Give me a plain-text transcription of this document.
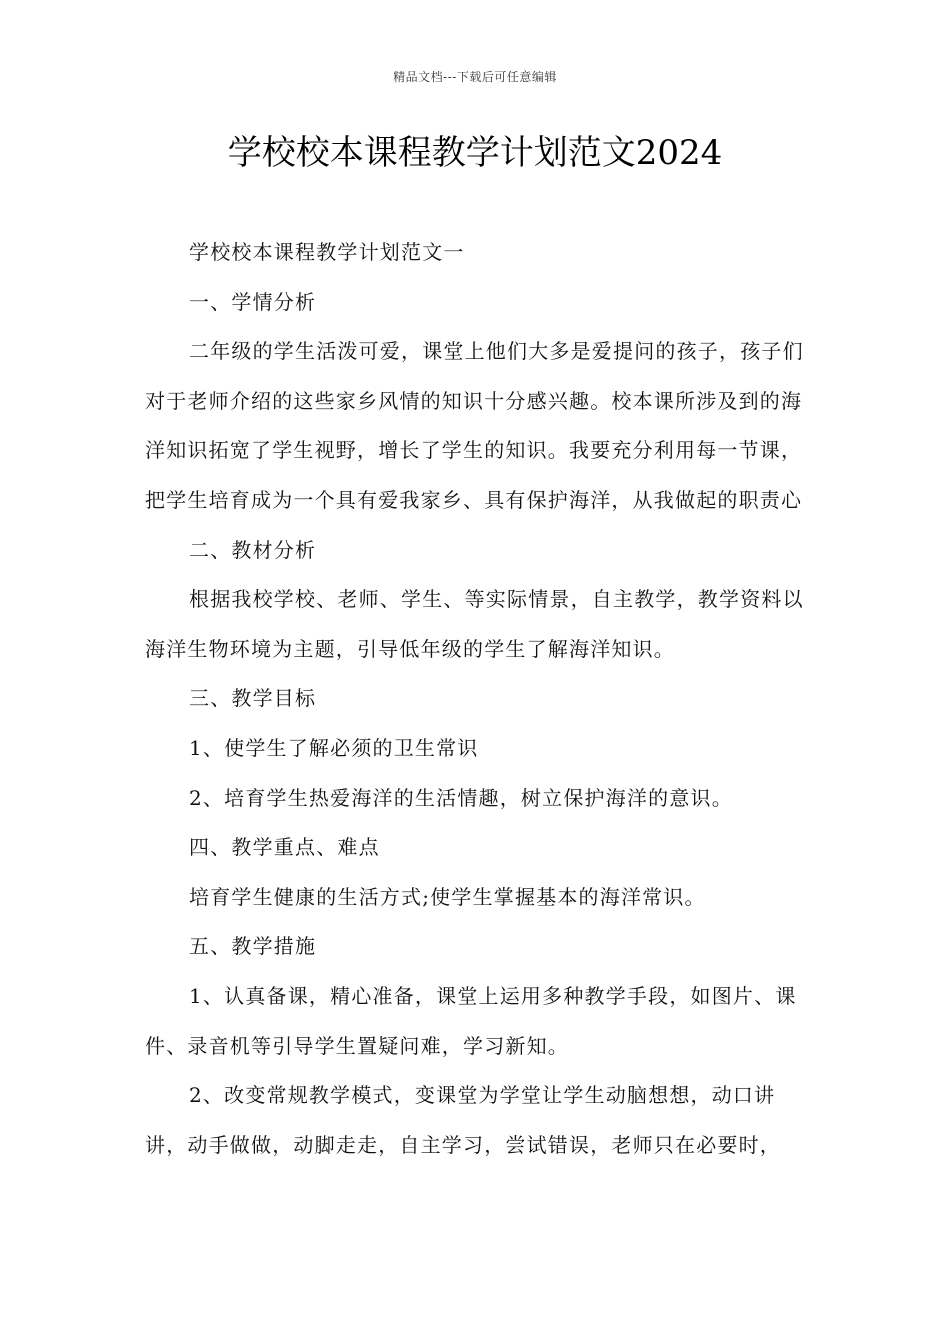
精品文档---下载后可任意编辑
学校校本课程教学计划范文2024

学校校本课程教学计划范文一

一、学情分析

二年级的学生活泼可爱，课堂上他们大多是爱提问的孩子，孩子们对于老师介绍的这些家乡风情的知识十分感兴趣。校本课所涉及到的海洋知识拓宽了学生视野，增长了学生的知识。我要充分利用每一节课，把学生培育成为一个具有爱我家乡、具有保护海洋，从我做起的职责心

二、教材分析

根据我校学校、老师、学生、等实际情景，自主教学，教学资料以海洋生物环境为主题，引导低年级的学生了解海洋知识。

三、教学目标

1、使学生了解必须的卫生常识

2、培育学生热爱海洋的生活情趣，树立保护海洋的意识。

四、教学重点、难点

培育学生健康的生活方式;使学生掌握基本的海洋常识。

五、教学措施

1、认真备课，精心准备，课堂上运用多种教学手段，如图片、课件、录音机等引导学生置疑问难，学习新知。

2、改变常规教学模式，变课堂为学堂让学生动脑想想，动口讲讲，动手做做，动脚走走，自主学习，尝试错误，老师只在必要时，
